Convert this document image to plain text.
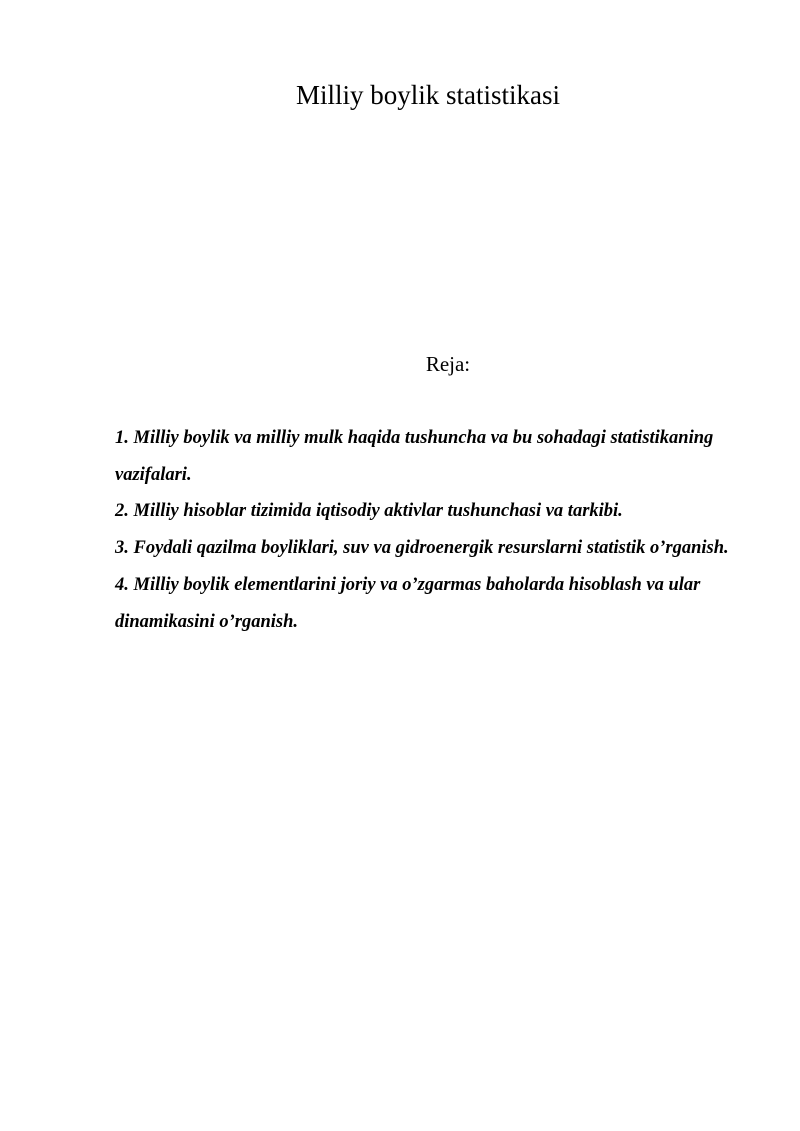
Milliy boylik statistikasi

Reja:

1. Milliy boylik va milliy mulk haqida tushuncha va bu sohadagi statistikaning vazifalari.
2. Milliy hisoblar tizimida iqtisodiy aktivlar tushunchasi va tarkibi.
3. Foydali qazilma boyliklari, suv va gidroenergik resurslarni statistik o’rganish.
4. Milliy boylik elementlarini joriy va o’zgarmas baholarda hisoblash va ular dinamikasini o’rganish.
